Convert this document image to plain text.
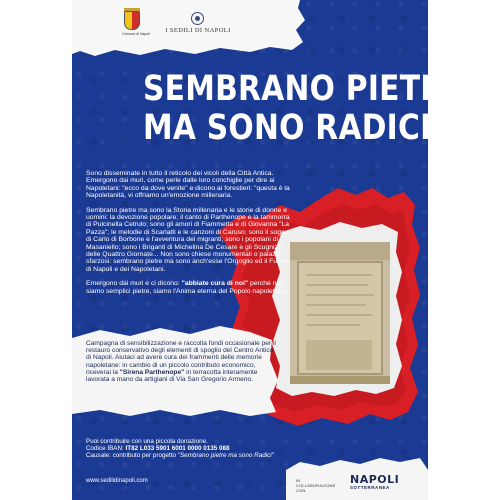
Comune di Napoli	I SEDILI DI NAPOLI
SEMBRANO PIETRE
MA SONO RADICI

Sono disseminate in tutto il reticolo dei vicoli della Città Antica. Emergono dai muri, come perle dalle loro conchiglie per dire ai Napoletani: "ecco da dove venite" e dicono ai forestieri: "questa è la Napoletanità, vi offriamo un'emozione millenaria.

Sembrano pietre ma sono la Storia millenaria e le storie di donne e uomini: la devozione popolare; il canto di Parthenope e la tammorra di Pulcinella Cetrulo; sono gli amori di Fiammetta e di Giovanna "La Pazza"; le melodie di Scarlatti e le canzoni di Caruso; sono il sogno di Carlo di Borbone e l'avventura dei migranti; sono i popolani di Masaniello; sono i Briganti di Michelina De Cesare e gli Scugnizzi delle Quattro Giornate... Non sono chiese monumentali o palazzi sfarzosi: sembrano pietre ma sono anch'esse l'Orgoglio ed il Futuro di Napoli e dei Napoletani.

Emergono dai muri e ci dicono: "abbiate cura di noi" perché non siamo semplici pietre, siamo l'Anima eterna del Popolo napoletano.

Campagna di sensibilizzazione e raccolta fondi occasionale per il restauro conservativo degli elementi di spoglio del Centro Antico di Napoli. Aiutaci ad avere cura dei frammenti delle memorie napoletane: in cambio di un piccolo contributo economico, riceverai la "Sirena Parthenope" in terracotta interamente lavorata a mano da artigiani di Via San Gregorio Armeno.

Puoi contribuire con una piccola donazione.
Codice IBAN: IT82 L033 5901 6001 0000 0135 088
Causale: contributo per progetto "Sembrano pietre ma sono Radici"
www.sedilidinapoli.com	IN COLLABORAZIONE CON
NAPOLI
SOTTERRANEA
